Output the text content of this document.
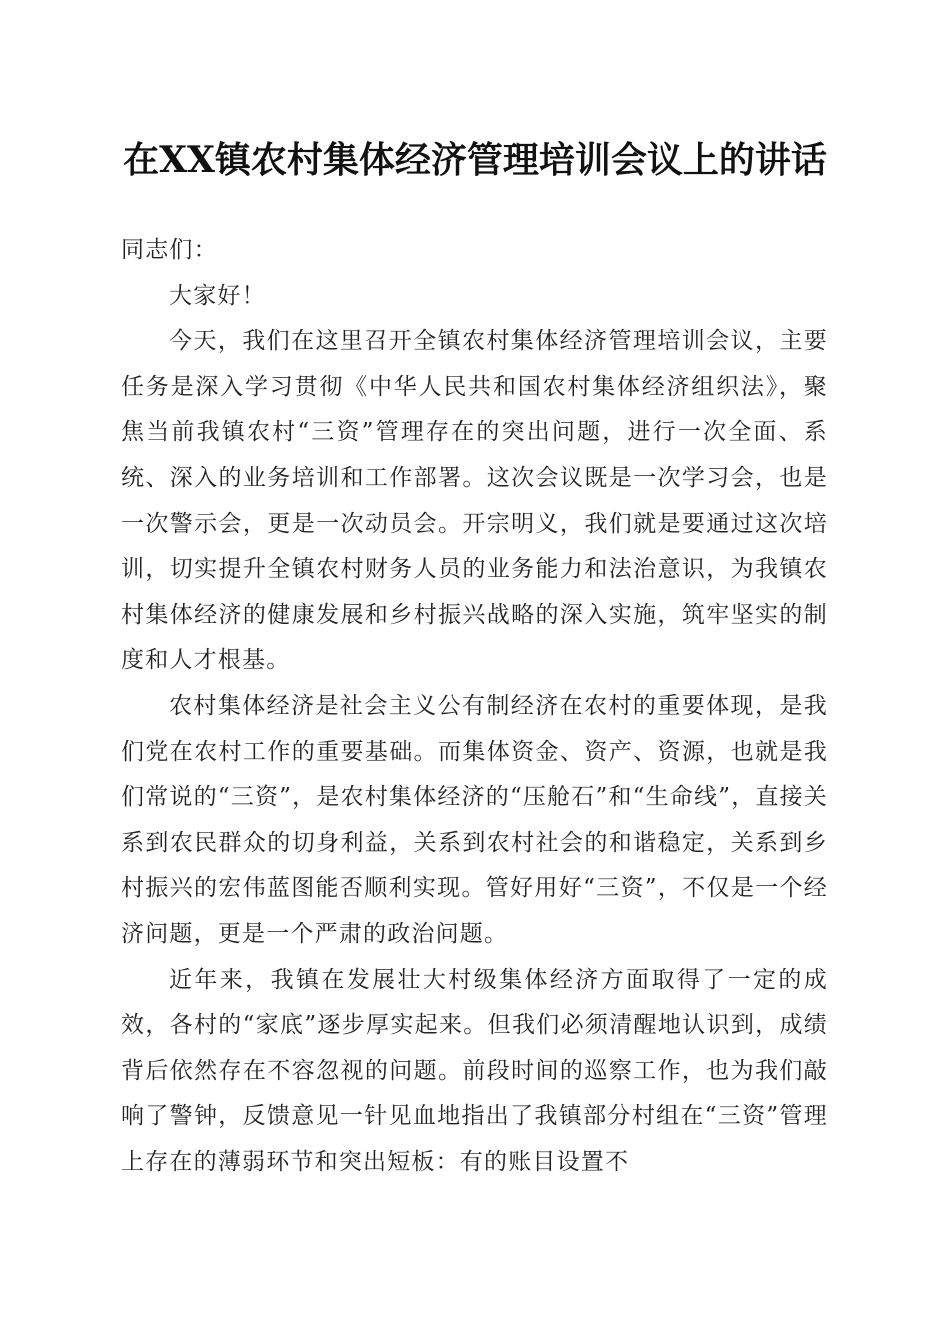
在XX镇农村集体经济管理培训会议上的讲话

同志们：

大家好！

今天，我们在这里召开全镇农村集体经济管理培训会议，主要任务是深入学习贯彻《中华人民共和国农村集体经济组织法》，聚焦当前我镇农村“三资”管理存在的突出问题，进行一次全面、系统、深入的业务培训和工作部署。这次会议既是一次学习会，也是一次警示会，更是一次动员会。开宗明义，我们就是要通过这次培训，切实提升全镇农村财务人员的业务能力和法治意识，为我镇农村集体经济的健康发展和乡村振兴战略的深入实施，筑牢坚实的制度和人才根基。

农村集体经济是社会主义公有制经济在农村的重要体现，是我们党在农村工作的重要基础。而集体资金、资产、资源，也就是我们常说的“三资”，是农村集体经济的“压舱石”和“生命线”，直接关系到农民群众的切身利益，关系到农村社会的和谐稳定，关系到乡村振兴的宏伟蓝图能否顺利实现。管好用好“三资”，不仅是一个经济问题，更是一个严肃的政治问题。

近年来，我镇在发展壮大村级集体经济方面取得了一定的成效，各村的“家底”逐步厚实起来。但我们必须清醒地认识到，成绩背后依然存在不容忽视的问题。前段时间的巡察工作，也为我们敲响了警钟，反馈意见一针见血地指出了我镇部分村组在“三资”管理上存在的薄弱环节和突出短板：有的账目设置不
